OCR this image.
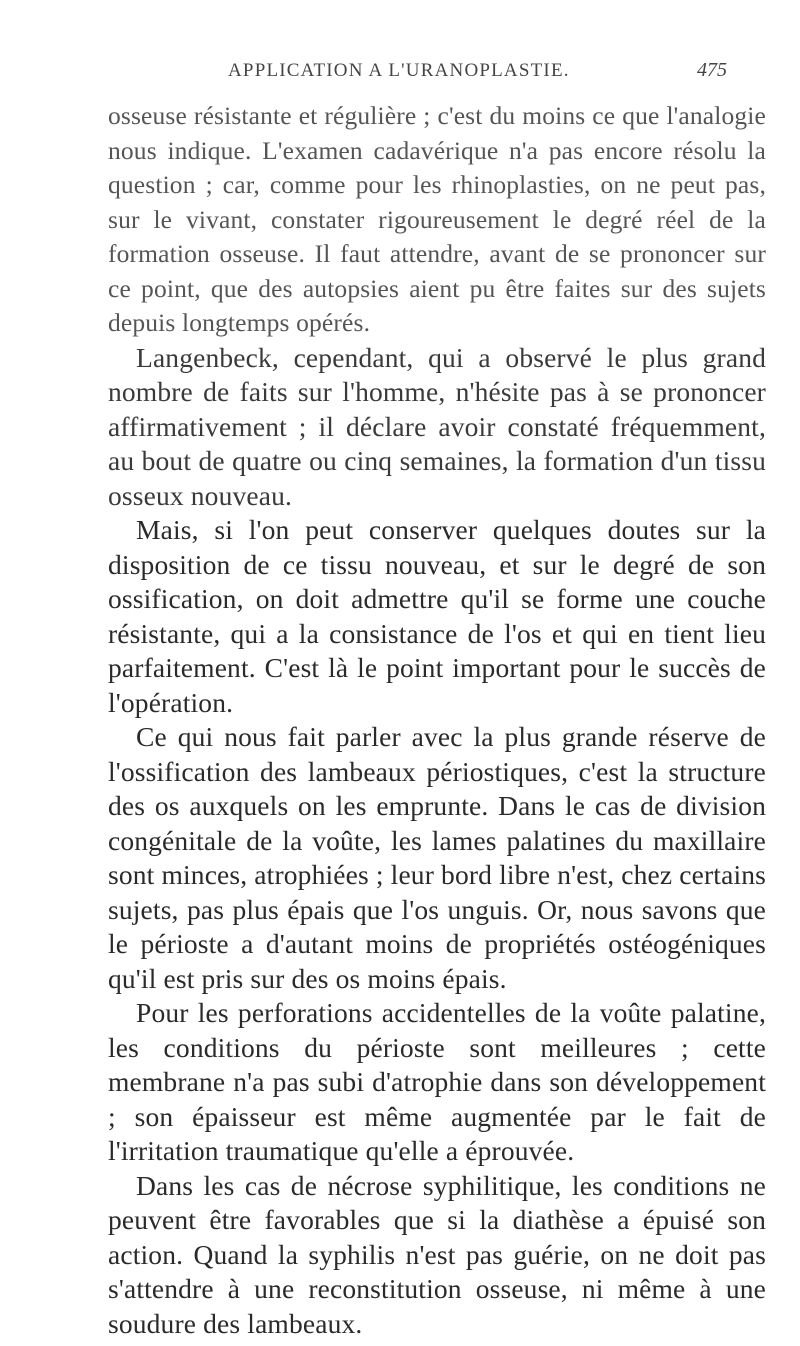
APPLICATION A L'URANOPLASTIE.	475

osseuse résistante et régulière ; c'est du moins ce que l'analogie nous indique. L'examen cadavérique n'a pas encore résolu la question ; car, comme pour les rhinoplasties, on ne peut pas, sur le vivant, constater rigoureusement le degré réel de la formation osseuse. Il faut attendre, avant de se prononcer sur ce point, que des autopsies aient pu être faites sur des sujets depuis longtemps opérés.

Langenbeck, cependant, qui a observé le plus grand nombre de faits sur l'homme, n'hésite pas à se prononcer affirmativement ; il déclare avoir constaté fréquemment, au bout de quatre ou cinq semaines, la formation d'un tissu osseux nouveau.

Mais, si l'on peut conserver quelques doutes sur la disposition de ce tissu nouveau, et sur le degré de son ossification, on doit admettre qu'il se forme une couche résistante, qui a la consistance de l'os et qui en tient lieu parfaitement. C'est là le point important pour le succès de l'opération.

Ce qui nous fait parler avec la plus grande réserve de l'ossification des lambeaux périostiques, c'est la structure des os auxquels on les emprunte. Dans le cas de division congénitale de la voûte, les lames palatines du maxillaire sont minces, atrophiées ; leur bord libre n'est, chez certains sujets, pas plus épais que l'os unguis. Or, nous savons que le périoste a d'autant moins de propriétés ostéogéniques qu'il est pris sur des os moins épais.

Pour les perforations accidentelles de la voûte palatine, les conditions du périoste sont meilleures ; cette membrane n'a pas subi d'atrophie dans son développement ; son épaisseur est même augmentée par le fait de l'irritation traumatique qu'elle a éprouvée.

Dans les cas de nécrose syphilitique, les conditions ne peuvent être favorables que si la diathèse a épuisé son action. Quand la syphilis n'est pas guérie, on ne doit pas s'attendre à une reconstitution osseuse, ni même à une soudure des lambeaux.
